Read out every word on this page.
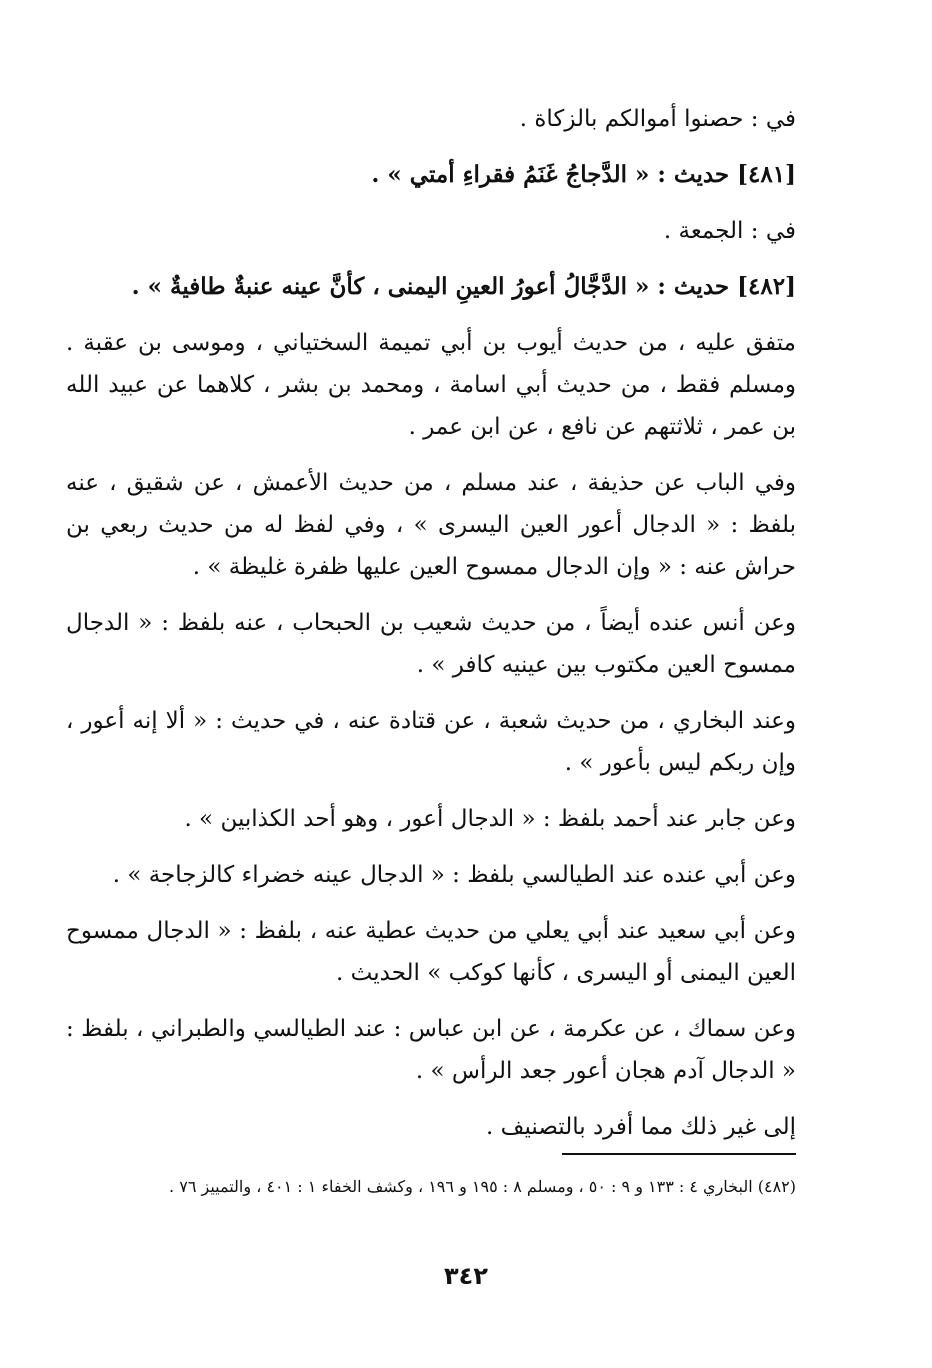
في : حصنوا أموالكم بالزكاة .

[٤٨١] حديث : « الدَّجاجُ غَنَمُ فقراءِ أمتي » .

في : الجمعة .

[٤٨٢] حديث : « الدَّجَّالُ أعورُ العينِ اليمنى ، كأنَّ عينه عنبةٌ طافيةٌ » .

متفق عليه ، من حديث أيوب بن أبي تميمة السختياني ، وموسى بن عقبة . ومسلم فقط ، من حديث أبي اسامة ، ومحمد بن بشر ، كلاهما عن عبيد الله بن عمر ، ثلاثتهم عن نافع ، عن ابن عمر .

وفي الباب عن حذيفة ، عند مسلم ، من حديث الأعمش ، عن شقيق ، عنه بلفظ : « الدجال أعور العين اليسرى » ، وفي لفظ له من حديث ربعي بن حراش عنه : « وإن الدجال ممسوح العين عليها ظفرة غليظة » .

وعن أنس عنده أيضاً ، من حديث شعيب بن الحبحاب ، عنه بلفظ : « الدجال ممسوح العين مكتوب بين عينيه كافر » .

وعند البخاري ، من حديث شعبة ، عن قتادة عنه ، في حديث : « ألا إنه أعور ، وإن ربكم ليس بأعور » .

وعن جابر عند أحمد بلفظ : « الدجال أعور ، وهو أحد الكذابين » .

وعن أبي عنده عند الطيالسي بلفظ : « الدجال عينه خضراء كالزجاجة » .

وعن أبي سعيد عند أبي يعلي من حديث عطية عنه ، بلفظ : « الدجال ممسوح العين اليمنى أو اليسرى ، كأنها كوكب » الحديث .

وعن سماك ، عن عكرمة ، عن ابن عباس : عند الطيالسي والطبراني ، بلفظ : « الدجال آدم هجان أعور جعد الرأس » .

إلى غير ذلك مما أفرد بالتصنيف .

(٤٨٢) البخاري ٤ : ١٣٣ و ٩ : ٥٠ ، ومسلم ٨ : ١٩٥ و ١٩٦ ، وكشف الخفاء ١ : ٤٠١ ، والتمييز ٧٦ .
٣٤٢
